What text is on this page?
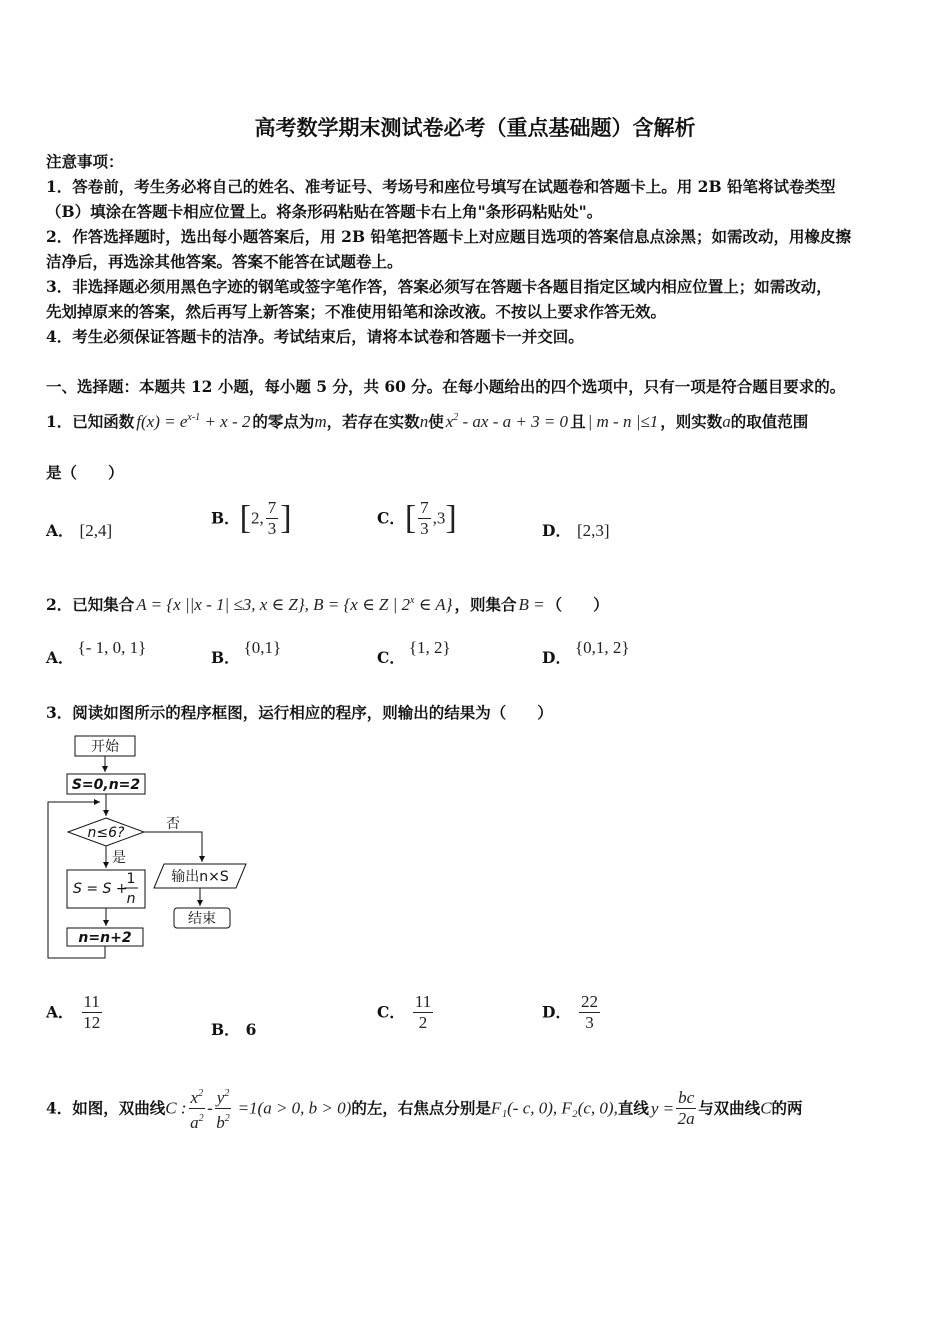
高考数学期末测试卷必考（重点基础题）含解析
注意事项：
1．答卷前，考生务必将自己的姓名、准考证号、考场号和座位号填写在试题卷和答题卡上。用 2B 铅笔将试卷类型
（B）填涂在答题卡相应位置上。将条形码粘贴在答题卡右上角"条形码粘贴处"。
2．作答选择题时，选出每小题答案后，用 2B 铅笔把答题卡上对应题目选项的答案信息点涂黑；如需改动，用橡皮擦
洁净后，再选涂其他答案。答案不能答在试题卷上。
3．非选择题必须用黑色字迹的钢笔或签字笔作答，答案必须写在答题卡各题目指定区域内相应位置上；如需改动，
先划掉原来的答案，然后再写上新答案；不准使用铅笔和涂改液。不按以上要求作答无效。
4．考生必须保证答题卡的洁净。考试结束后，请将本试卷和答题卡一并交回。
一、选择题：本题共 12 小题，每小题 5 分，共 60 分。在每小题给出的四个选项中，只有一项是符合题目要求的。
1．已知函数 $f(x) = e^{x-1} + x - 2$ 的零点为m，若存在实数n使 $x^2$ - ax - a + 3 = 0 且 | m - n |≤1 ，则实数a的取值范围
是（　　）
A． [2,4]
B．[2, $\frac{7}{3}$ ]	C．[ $\frac{7}{3} ,3$]	D． [2,3]
2．已知集合 A = {x ||x - 1| ≤3, x ∈ Z}, B = {x ∈ Z | 2$^x$ ∈ A} ，则集合 B = （　　）
A．{- 1, 0, 1}
B．{0,1}
C．{1, 2}
D．{0,1, 2}
3．阅读如图所示的程序框图，运行相应的程序，则输出的结果为（　　）
开始
S=0,n=2
n≤6?
否
是
S = S +
1
n
n=n+2
输出n×S
结束
A． $\frac{11}{12}$	B． 6
C． $\frac{11}{2}$	D． $\frac{22}{3}$
4．如图，双曲线C : $\frac{x^2}{a^2} - \frac{y^2}{b^2} =1(a > 0$, b > 0)的左，右焦点分别是F₁(- c, 0), F₂(c, 0),直线 $y = \frac{bc}{2a}$ 与双曲线C的两
